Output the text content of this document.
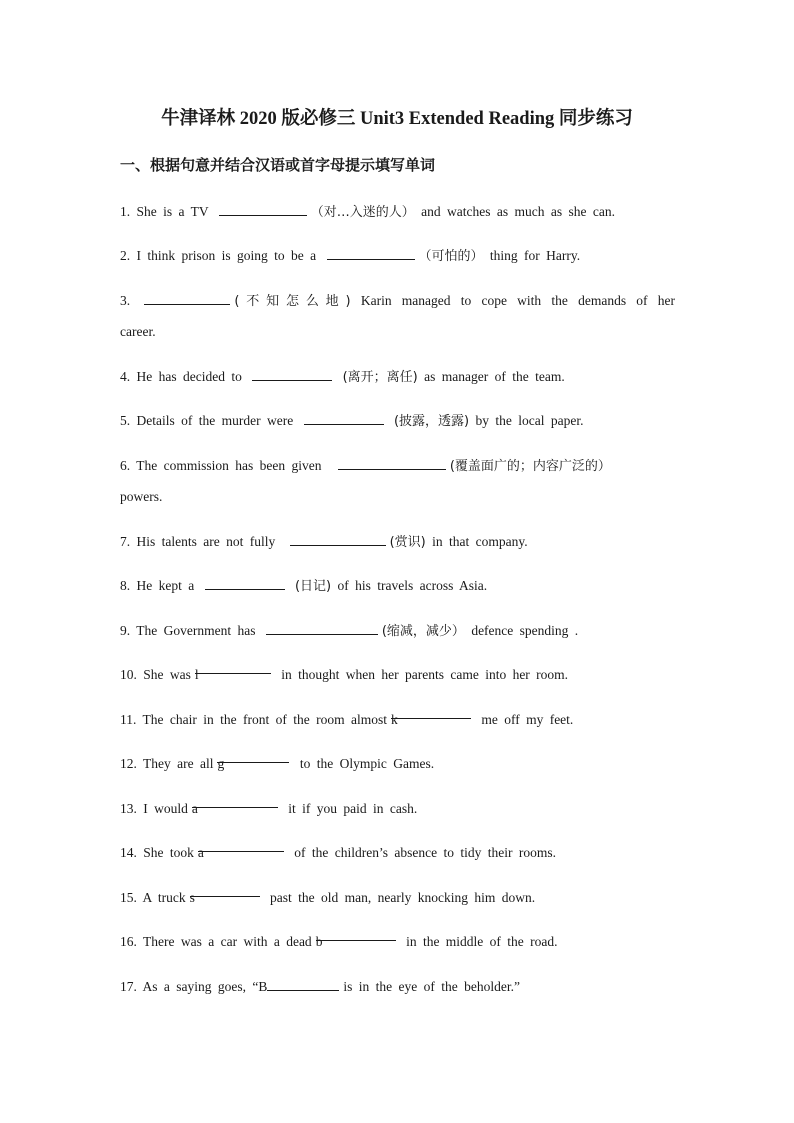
牛津译林 2020 版必修三 Unit3 Extended Reading 同步练习
一、根据句意并结合汉语或首字母提示填写单词
1. She is a TV	（对…入迷的人） and watches as much as she can.
2. I think prison is going to be a	（可怕的） thing for Harry.
3.	(不知怎么地) Karin managed to cope with the demands of her
career.
4. He has decided to	(离开；离任) as manager of the team.
5. Details of the murder were	(披露，透露) by the local paper.
6. The commission has been given	(覆盖面广的；内容广泛的）
powers.
7. His talents are not fully	(赏识) in that company.
8. He kept a	(日记) of his travels across Asia.
9. The Government has	(缩减，减少） defence spending .
10. She was l	in thought when her parents came into her room.
11. The chair in the front of the room almost k	me off my feet.
12. They are all g	to the Olympic Games.
13. I would a	it if you paid in cash.
14. She took a	of the children’s absence to tidy their rooms.
15. A truck s	past the old man, nearly knocking him down.
16. There was a car with a dead b	in the middle of the road.
17. As a saying goes, “B	is in the eye of the beholder.”
